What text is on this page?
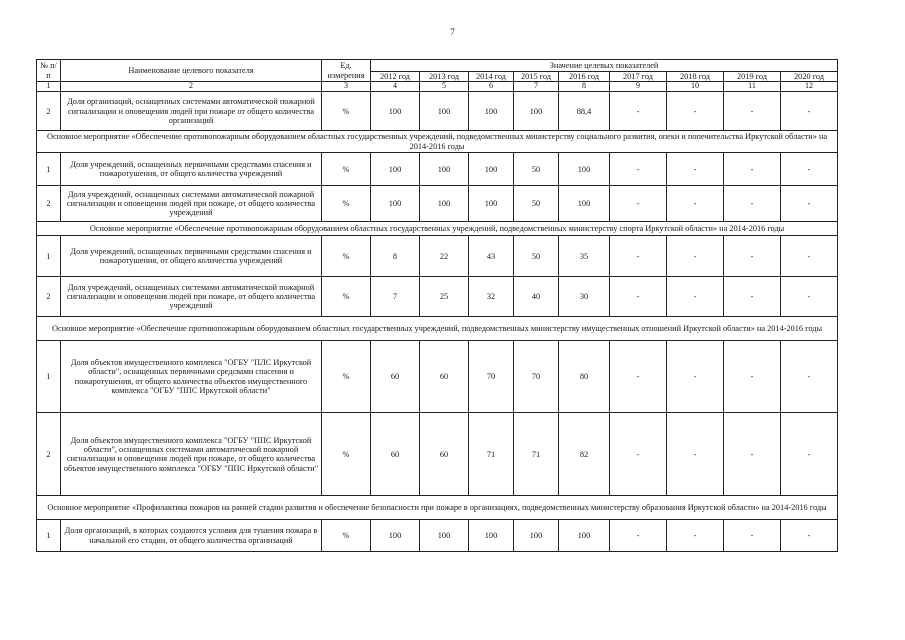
7
№ п/п	Наименование целевого показателя	Ед. измерения	Значение целевых показателей								
			2012 год	2013 год	2014 год	2015 год	2016 год	2017 год	2018 год	2019 год	2020 год
1	2	3	4	5	6	7	8	9	10	11	12
2	Доля организаций, оснащенных системами автоматической пожарной сигнализации и оповещения людей при пожаре от общего количества организаций	%	100	100	100	100	88,4	-	-	-	-
Основное мероприятие «Обеспечение противопожарным оборудованием областных государственных учреждений, подведомственных министерству социального развития, опеки и попечительства Иркутской области» на 2014-2016 годы											
1	Доля учреждений, оснащенных первичными средствами спасения и пожаротушения, от общего количества учреждений	%	100	100	100	50	100	-	-	-	-
2	Доля учреждений, оснащенных системами автоматической пожарной сигнализации и оповещения людей при пожаре, от общего количества учреждений	%	100	100	100	50	100	-	-	-	-
Основное мероприятие «Обеспечение противопожарным оборудованием областных государственных учреждений, подведомственных министерству спорта Иркутской области» на 2014-2016 годы											
1	Доля учреждений, оснащенных первичными средствами спасения и пожаротушения, от общего количества учреждений	%	8	22	43	50	35	-	-	-	-
2	Доля учреждений, оснащенных системами автоматической пожарной сигнализации и оповещения людей при пожаре, от общего количества учреждений	%	7	25	32	40	30	-	-	-	-
Основное мероприятие «Обеспечение противопожарным оборудованием областных государственных учреждений, подведомственных министерству имущественных отношений Иркутской области» на 2014-2016 годы											
1	Доля объектов имущественного комплекса "ОГБУ "ПЛС Иркутской области", оснащенных первичными средсвами спасения и пожаротушения, от общего количества объектов имущественного комплекса "ОГБУ "ППС Иркутской области"	%	60	60	70	70	80	-	-	-	-
2	Доля объектов имущественного комплекса "ОГБУ "ППС Иркутской области", оснащенных системами автоматической пожарной сигнализации и оповещения людей при пожаре, от общего количества объектов имущественного комплекса "ОГБУ "ППС Иркутской области"	%	60	60	71	71	82	-	-	-	-
Основное мероприятие «Профилактика пожаров на ранней стадии развития и обеспечение безопасности при пожаре в организациях, подведомственных министерству образования Иркутской области» на 2014-2016 годы											
1	Доля организаций, в которых создаются условия для тушения пожара в начальной его стадии, от общего количества организаций	%	100	100	100	100	100	-	-	-	-
